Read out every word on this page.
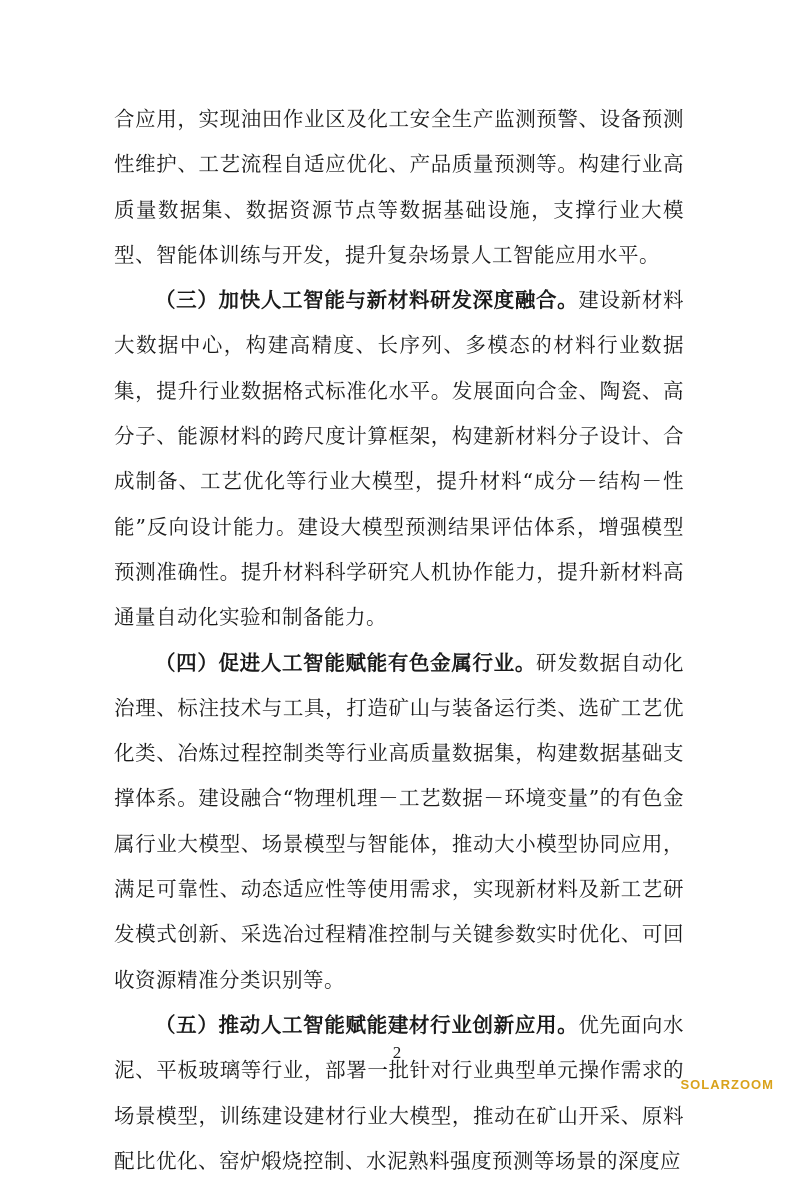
合应用，实现油田作业区及化工安全生产监测预警、设备预测性维护、工艺流程自适应优化、产品质量预测等。构建行业高质量数据集、数据资源节点等数据基础设施，支撑行业大模型、智能体训练与开发，提升复杂场景人工智能应用水平。

（三）加快人工智能与新材料研发深度融合。建设新材料大数据中心，构建高精度、长序列、多模态的材料行业数据集，提升行业数据格式标准化水平。发展面向合金、陶瓷、高分子、能源材料的跨尺度计算框架，构建新材料分子设计、合成制备、工艺优化等行业大模型，提升材料“成分－结构－性能”反向设计能力。建设大模型预测结果评估体系，增强模型预测准确性。提升材料科学研究人机协作能力，提升新材料高通量自动化实验和制备能力。

（四）促进人工智能赋能有色金属行业。研发数据自动化治理、标注技术与工具，打造矿山与装备运行类、选矿工艺优化类、冶炼过程控制类等行业高质量数据集，构建数据基础支撑体系。建设融合“物理机理－工艺数据－环境变量”的有色金属行业大模型、场景模型与智能体，推动大小模型协同应用，满足可靠性、动态适应性等使用需求，实现新材料及新工艺研发模式创新、采选冶过程精准控制与关键参数实时优化、可回收资源精准分类识别等。

（五）推动人工智能赋能建材行业创新应用。优先面向水泥、平板玻璃等行业，部署一批针对行业典型单元操作需求的场景模型，训练建设建材行业大模型，推动在矿山开采、原料配比优化、窑炉煅烧控制、水泥熟料强度预测等场景的深度应

2
SOLARZOOM
